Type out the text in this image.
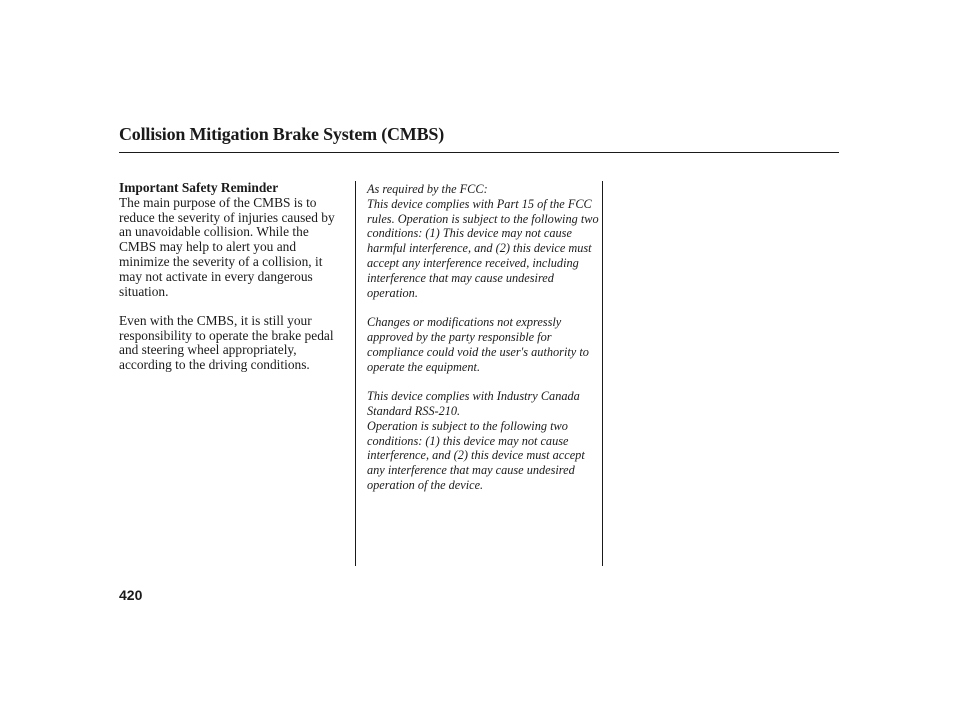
Collision Mitigation Brake System (CMBS)

Important Safety Reminder

The main purpose of the CMBS is to reduce the severity of injuries caused by an unavoidable collision. While the CMBS may help to alert you and minimize the severity of a collision, it may not activate in every dangerous situation.

Even with the CMBS, it is still your responsibility to operate the brake pedal and steering wheel appropriately, according to the driving conditions.

As required by the FCC:

This device complies with Part 15 of the FCC rules. Operation is subject to the following two conditions: (1) This device may not cause harmful interference, and (2) this device must accept any interference received, including interference that may cause undesired operation.

Changes or modifications not expressly approved by the party responsible for compliance could void the user's authority to operate the equipment.

This device complies with Industry Canada Standard RSS-210.

Operation is subject to the following two conditions: (1) this device may not cause interference, and (2) this device must accept any interference that may cause undesired operation of the device.

420
